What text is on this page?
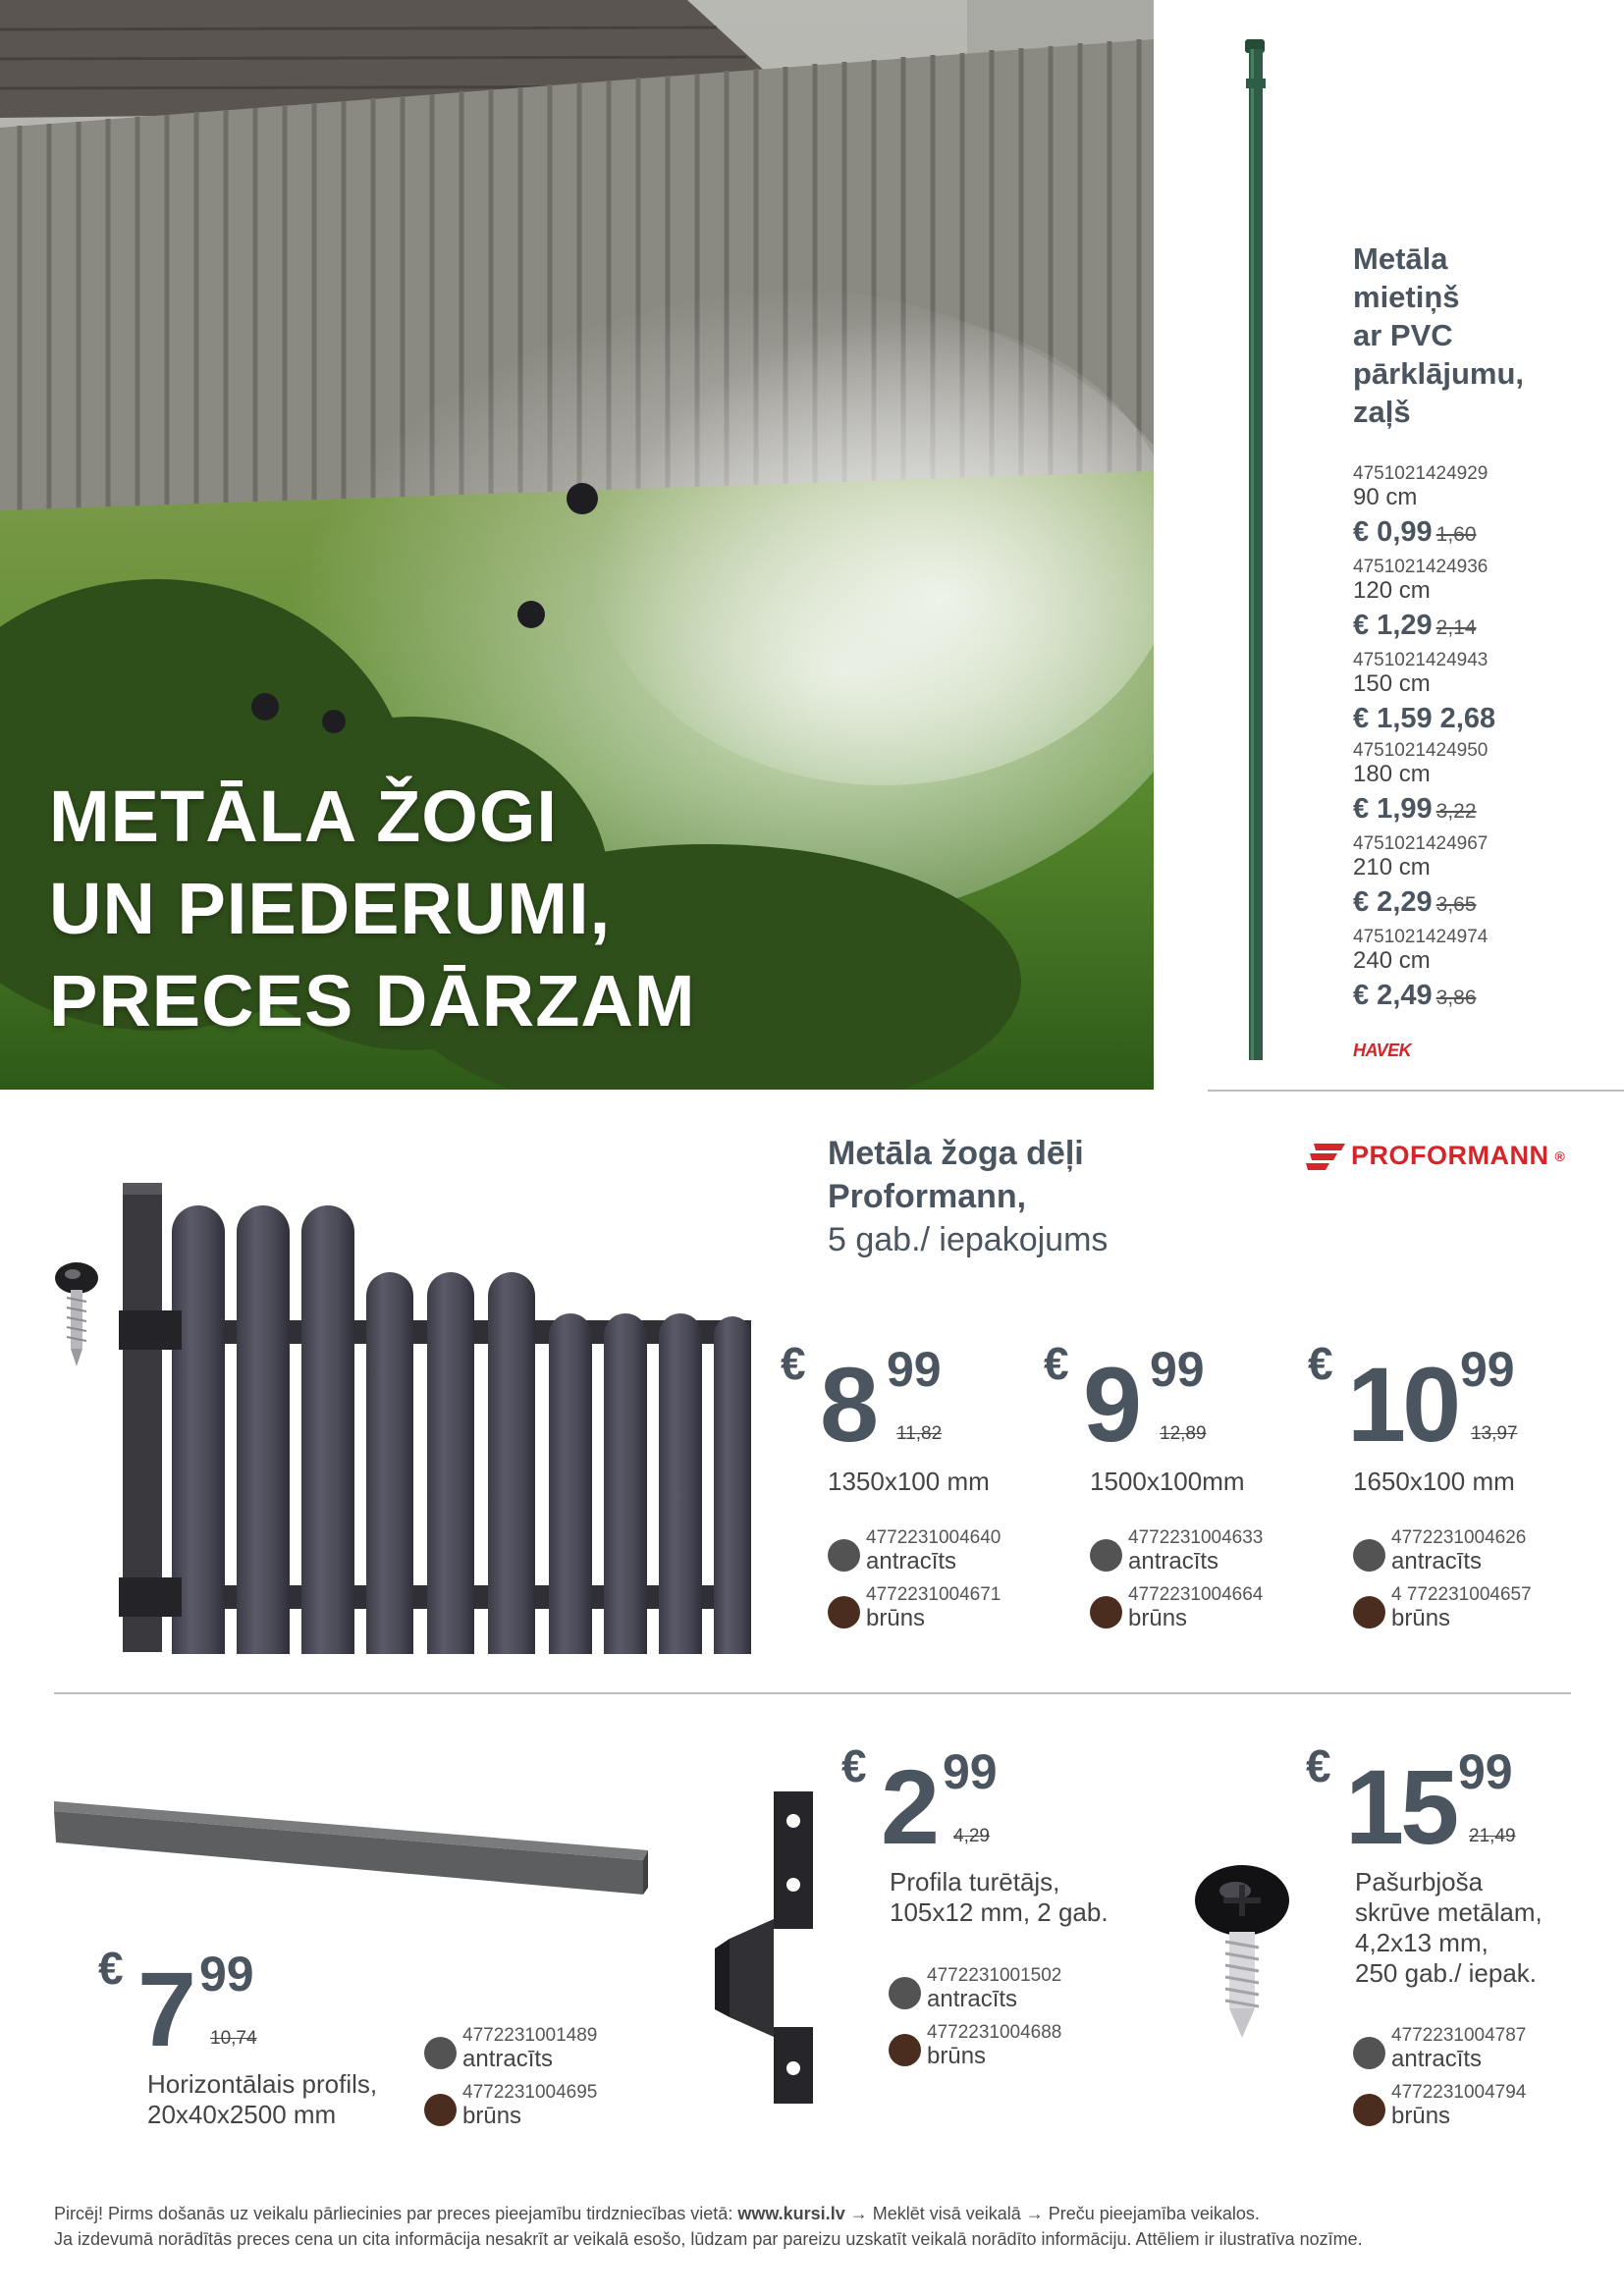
METĀLA ŽOGI
UN PIEDERUMI,
PRECES DĀRZAM
Metāla
mietiņš
ar PVC
pārklājumu,
zaļš
4751021424929
90 cm
€ 0,99 1,60
4751021424936
120 cm
€ 1,29 2,14
4751021424943
150 cm
€ 1,59 2,68
4751021424950
180 cm
€ 1,99 3,22
4751021424967
210 cm
€ 2,29 3,65
4751021424974
240 cm
€ 2,49 3,86
HAVEK
Metāla žoga dēļi
Proformann,
5 gab./ iepakojums
PROFORMANN ®
€ 8 99
11,82
1350x100 mm
4772231004640
antracīts
4772231004671
brūns
€ 9 99
12,89
1500x100mm
4772231004633
antracīts
4772231004664
brūns
€ 10 99
13,97
1650x100 mm
4772231004626
antracīts
4 772231004657
brūns
€ 7 99
10,74
Horizontālais profils,
20x40x2500 mm
4772231001489
antracīts
4772231004695
brūns
€ 2 99
4,29
Profila turētājs,
105x12 mm, 2 gab.
4772231001502
antracīts
4772231004688
brūns
€ 15 99
21,49
Pašurbjoša
skrūve metālam,
4,2x13 mm,
250 gab./ iepak.
4772231004787
antracīts
4772231004794
brūns
Pircēj! Pirms došanās uz veikalu pārliecinies par preces pieejamību tirdzniecības vietā: www.kursi.lv → Meklēt visā veikalā → Preču pieejamība veikalos.
Ja izdevumā norādītās preces cena un cita informācija nesakrīt ar veikalā esošo, lūdzam par pareizu uzskatīt veikalā norādīto informāciju. Attēliem ir ilustratīva nozīme.
